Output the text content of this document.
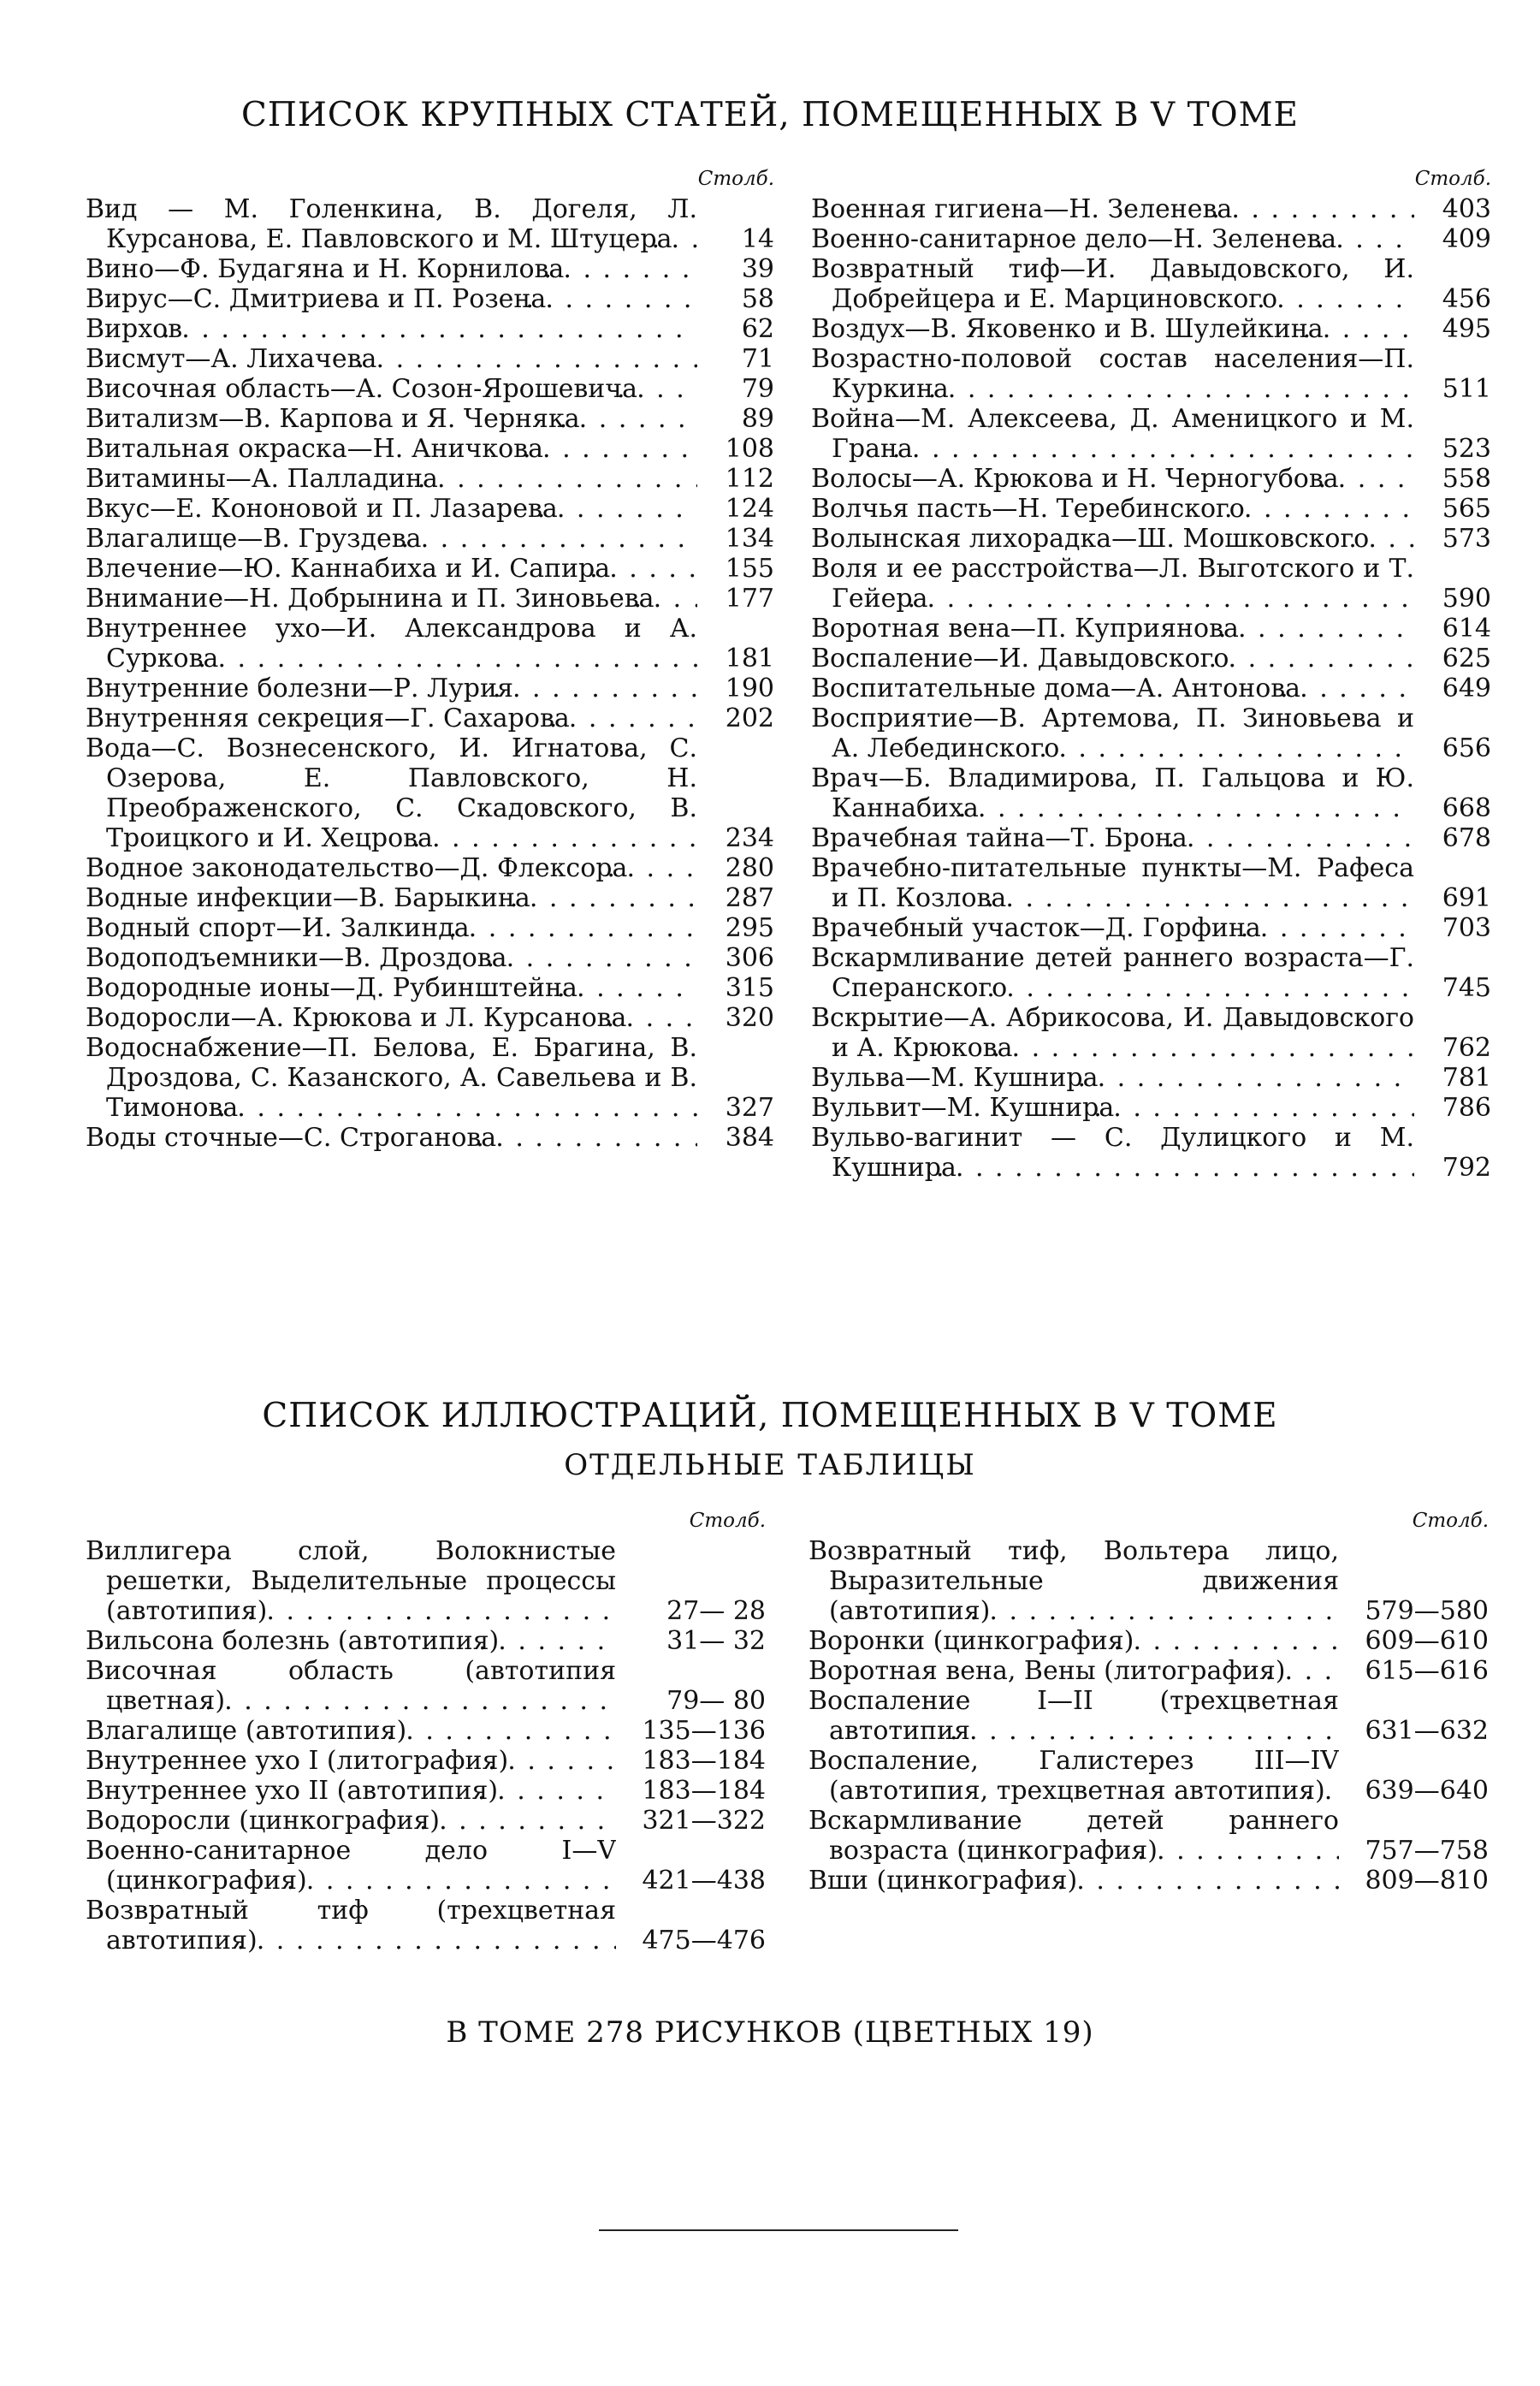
СПИСОК КРУПНЫХ СТАТЕЙ, ПОМЕЩЕННЫХ В V ТОМЕ
Столб.
Вид — М. Голенкина, В. Догеля, Л. Курсанова, Е. Павловского и М. Штуцера . . .	14
Вино—Ф. Будагяна и Н. Корнилова . . .	39
Вирус—С. Дмитриева и П. Розена . . .	58
Вирхов . . .	62
Висмут—А. Лихачева . . .	71
Височная область—А. Созон-Ярошевича . . .	79
Витализм—В. Карпова и Я. Черняка . . .	89
Витальная окраска—Н. Аничкова . . .	108
Витамины—А. Палладина . . .	112
Вкус—Е. Кононовой и П. Лазарева . . .	124
Влагалище—В. Груздева . . .	134
Влечение—Ю. Каннабиха и И. Сапира . . .	155
Внимание—Н. Добрынина и П. Зиновьева . . .	177
Внутреннее ухо—И. Александрова и А. Суркова . . .	181
Внутренние болезни—Р. Лурия . . .	190
Внутренняя секреция—Г. Сахарова . . .	202
Вода—С. Вознесенского, И. Игнатова, С. Озерова, Е. Павловского, Н. Преображенского, С. Скадовского, В. Троицкого и И. Хецрова . . .	234
Водное законодательство—Д. Флексора . . .	280
Водные инфекции—В. Барыкина . . .	287
Водный спорт—И. Залкинда . . .	295
Водоподъемники—В. Дроздова . . .	306
Водородные ионы—Д. Рубинштейна . . .	315
Водоросли—А. Крюкова и Л. Курсанова . . .	320
Водоснабжение—П. Белова, Е. Брагина, В. Дроздова, С. Казанского, А. Савельева и В. Тимонова . . .	327
Воды сточные—С. Строганова . . .	384
Столб.
Военная гигиена—Н. Зеленева . . .	403
Военно-санитарное дело—Н. Зеленева . . .	409
Возвратный тиф—И. Давыдовского, И. Добрейцера и Е. Марциновского . . .	456
Воздух—В. Яковенко и В. Шулейкина . . .	495
Возрастно-половой состав населения—П. Куркина . . .	511
Война—М. Алексеева, Д. Аменицкого и М. Грана . . .	523
Волосы—А. Крюкова и Н. Черногубова . . .	558
Волчья пасть—Н. Теребинского . . .	565
Волынская лихорадка—Ш. Мошковского . . .	573
Воля и ее расстройства—Л. Выготского и Т. Гейера . . .	590
Воротная вена—П. Куприянова . . .	614
Воспаление—И. Давыдовского . . .	625
Воспитательные дома—А. Антонова . . .	649
Восприятие—В. Артемова, П. Зиновьева и А. Лебединского . . .	656
Врач—Б. Владимирова, П. Гальцова и Ю. Каннабиха . . .	668
Врачебная тайна—Т. Брона . . .	678
Врачебно-питательные пункты—М. Рафеса и П. Козлова . . .	691
Врачебный участок—Д. Горфина . . .	703
Вскармливание детей раннего возраста—Г. Сперанского . . .	745
Вскрытие—А. Абрикосова, И. Давыдовского и А. Крюкова . . .	762
Вульва—М. Кушнира . . .	781
Вульвит—М. Кушнира . . .	786
Вульво-вагинит — С. Дулицкого и М. Кушнира . . .	792
СПИСОК ИЛЛЮСТРАЦИЙ, ПОМЕЩЕННЫХ В V ТОМЕ
ОТДЕЛЬНЫЕ ТАБЛИЦЫ
Столб.
Виллигера слой, Волокнистые решетки, Выделительные процессы (автотипия) . . .	27— 28
Вильсона болезнь (автотипия) . . .	31— 32
Височная область (автотипия цветная) . . .	79— 80
Влагалище (автотипия) . . .	135—136
Внутреннее ухо I (литография) . . .	183—184
Внутреннее ухо II (автотипия) . . .	183—184
Водоросли (цинкография) . . .	321—322
Военно-санитарное дело I—V (цинкография) . . .	421—438
Возвратный тиф (трехцветная автотипия) . . .	475—476
Столб.
Возвратный тиф, Вольтера лицо, Выразительные движения (автотипия) . . .	579—580
Воронки (цинкография) . . .	609—610
Воротная вена, Вены (литография) . . .	615—616
Воспаление I—II (трехцветная автотипия . . .	631—632
Воспаление, Галистерез III—IV (автотипия, трехцветная автотипия) . . .	639—640
Вскармливание детей раннего возраста (цинкография) . . .	757—758
Вши (цинкография) . . .	809—810
В ТОМЕ 278 РИСУНКОВ (ЦВЕТНЫХ 19)
